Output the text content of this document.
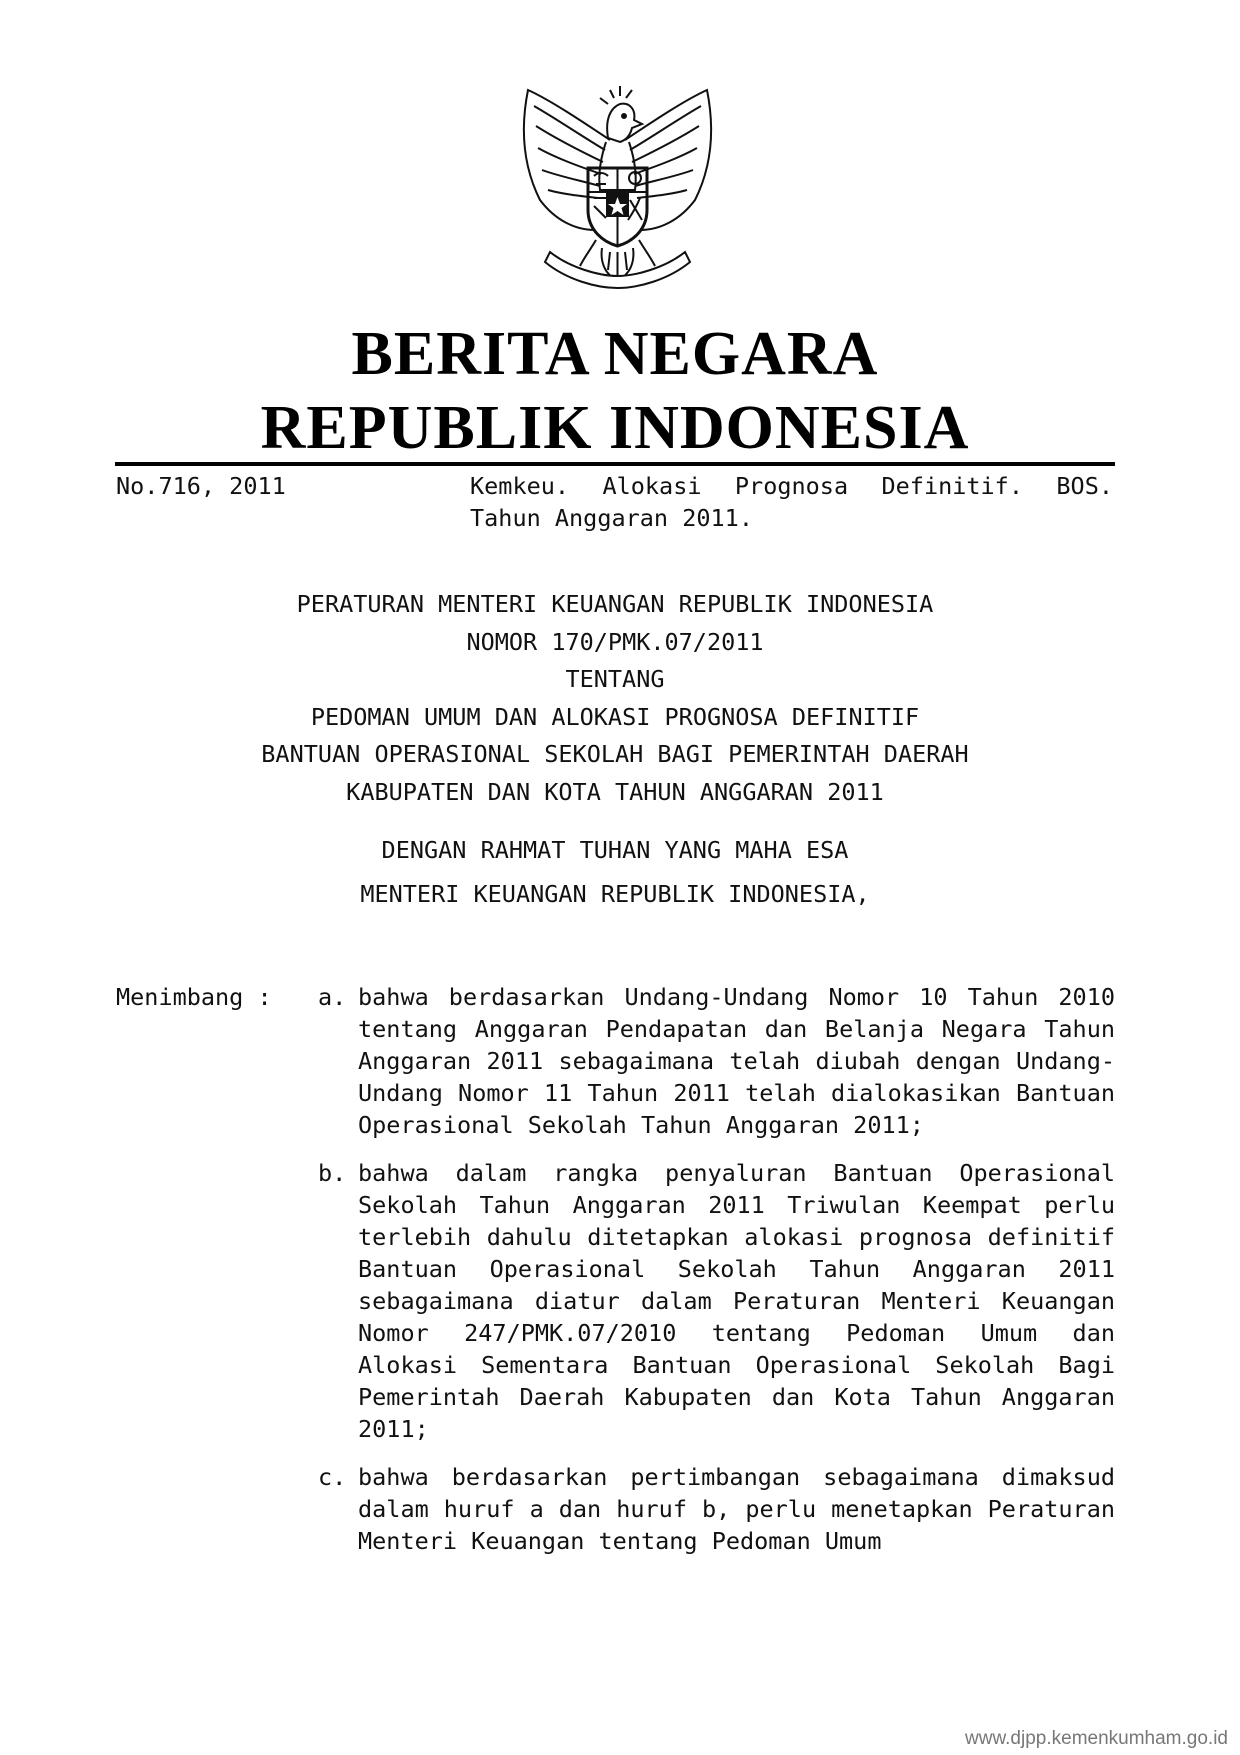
BERITA NEGARA
REPUBLIK INDONESIA
No.716, 2011	Kemkeu. Alokasi Prognosa Definitif. BOS. Tahun Anggaran 2011.
PERATURAN MENTERI KEUANGAN REPUBLIK INDONESIA
NOMOR 170/PMK.07/2011
TENTANG
PEDOMAN UMUM DAN ALOKASI PROGNOSA DEFINITIF
BANTUAN OPERASIONAL SEKOLAH BAGI PEMERINTAH DAERAH
KABUPATEN DAN KOTA TAHUN ANGGARAN 2011
DENGAN RAHMAT TUHAN YANG MAHA ESA
MENTERI KEUANGAN REPUBLIK INDONESIA,
Menimbang : a. bahwa berdasarkan Undang-Undang Nomor 10 Tahun 2010 tentang Anggaran Pendapatan dan Belanja Negara Tahun Anggaran 2011 sebagaimana telah diubah dengan Undang-Undang Nomor 11 Tahun 2011 telah dialokasikan Bantuan Operasional Sekolah Tahun Anggaran 2011;
b. bahwa dalam rangka penyaluran Bantuan Operasional Sekolah Tahun Anggaran 2011 Triwulan Keempat perlu terlebih dahulu ditetapkan alokasi prognosa definitif Bantuan Operasional Sekolah Tahun Anggaran 2011 sebagaimana diatur dalam Peraturan Menteri Keuangan Nomor 247/PMK.07/2010 tentang Pedoman Umum dan Alokasi Sementara Bantuan Operasional Sekolah Bagi Pemerintah Daerah Kabupaten dan Kota Tahun Anggaran 2011;
c. bahwa berdasarkan pertimbangan sebagaimana dimaksud dalam huruf a dan huruf b, perlu menetapkan Peraturan Menteri Keuangan tentang Pedoman Umum
www.djpp.kemenkumham.go.id
